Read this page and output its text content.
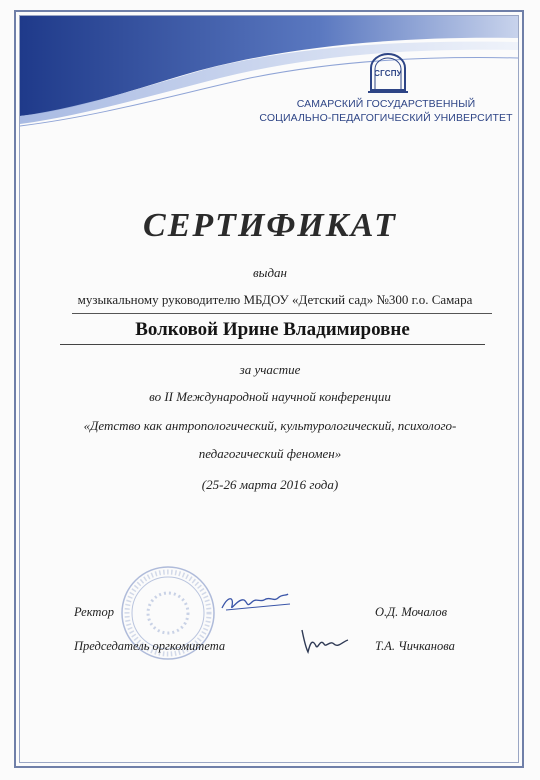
СГСПУ
САМАРСКИЙ ГОСУДАРСТВЕННЫЙ
СОЦИАЛЬНО-ПЕДАГОГИЧЕСКИЙ УНИВЕРСИТЕТ
СЕРТИФИКАТ
выдан
музыкальному руководителю МБДОУ «Детский сад» №300 г.о. Самара
Волковой Ирине Владимировне
за участие
во II Международной научной конференции
«Детство как антропологический, культурологический, психолого-
педагогический феномен»
(25-26 марта 2016 года)
Ректор	О.Д. Мочалов
Председатель оргкомитета	Т.А. Чичканова
